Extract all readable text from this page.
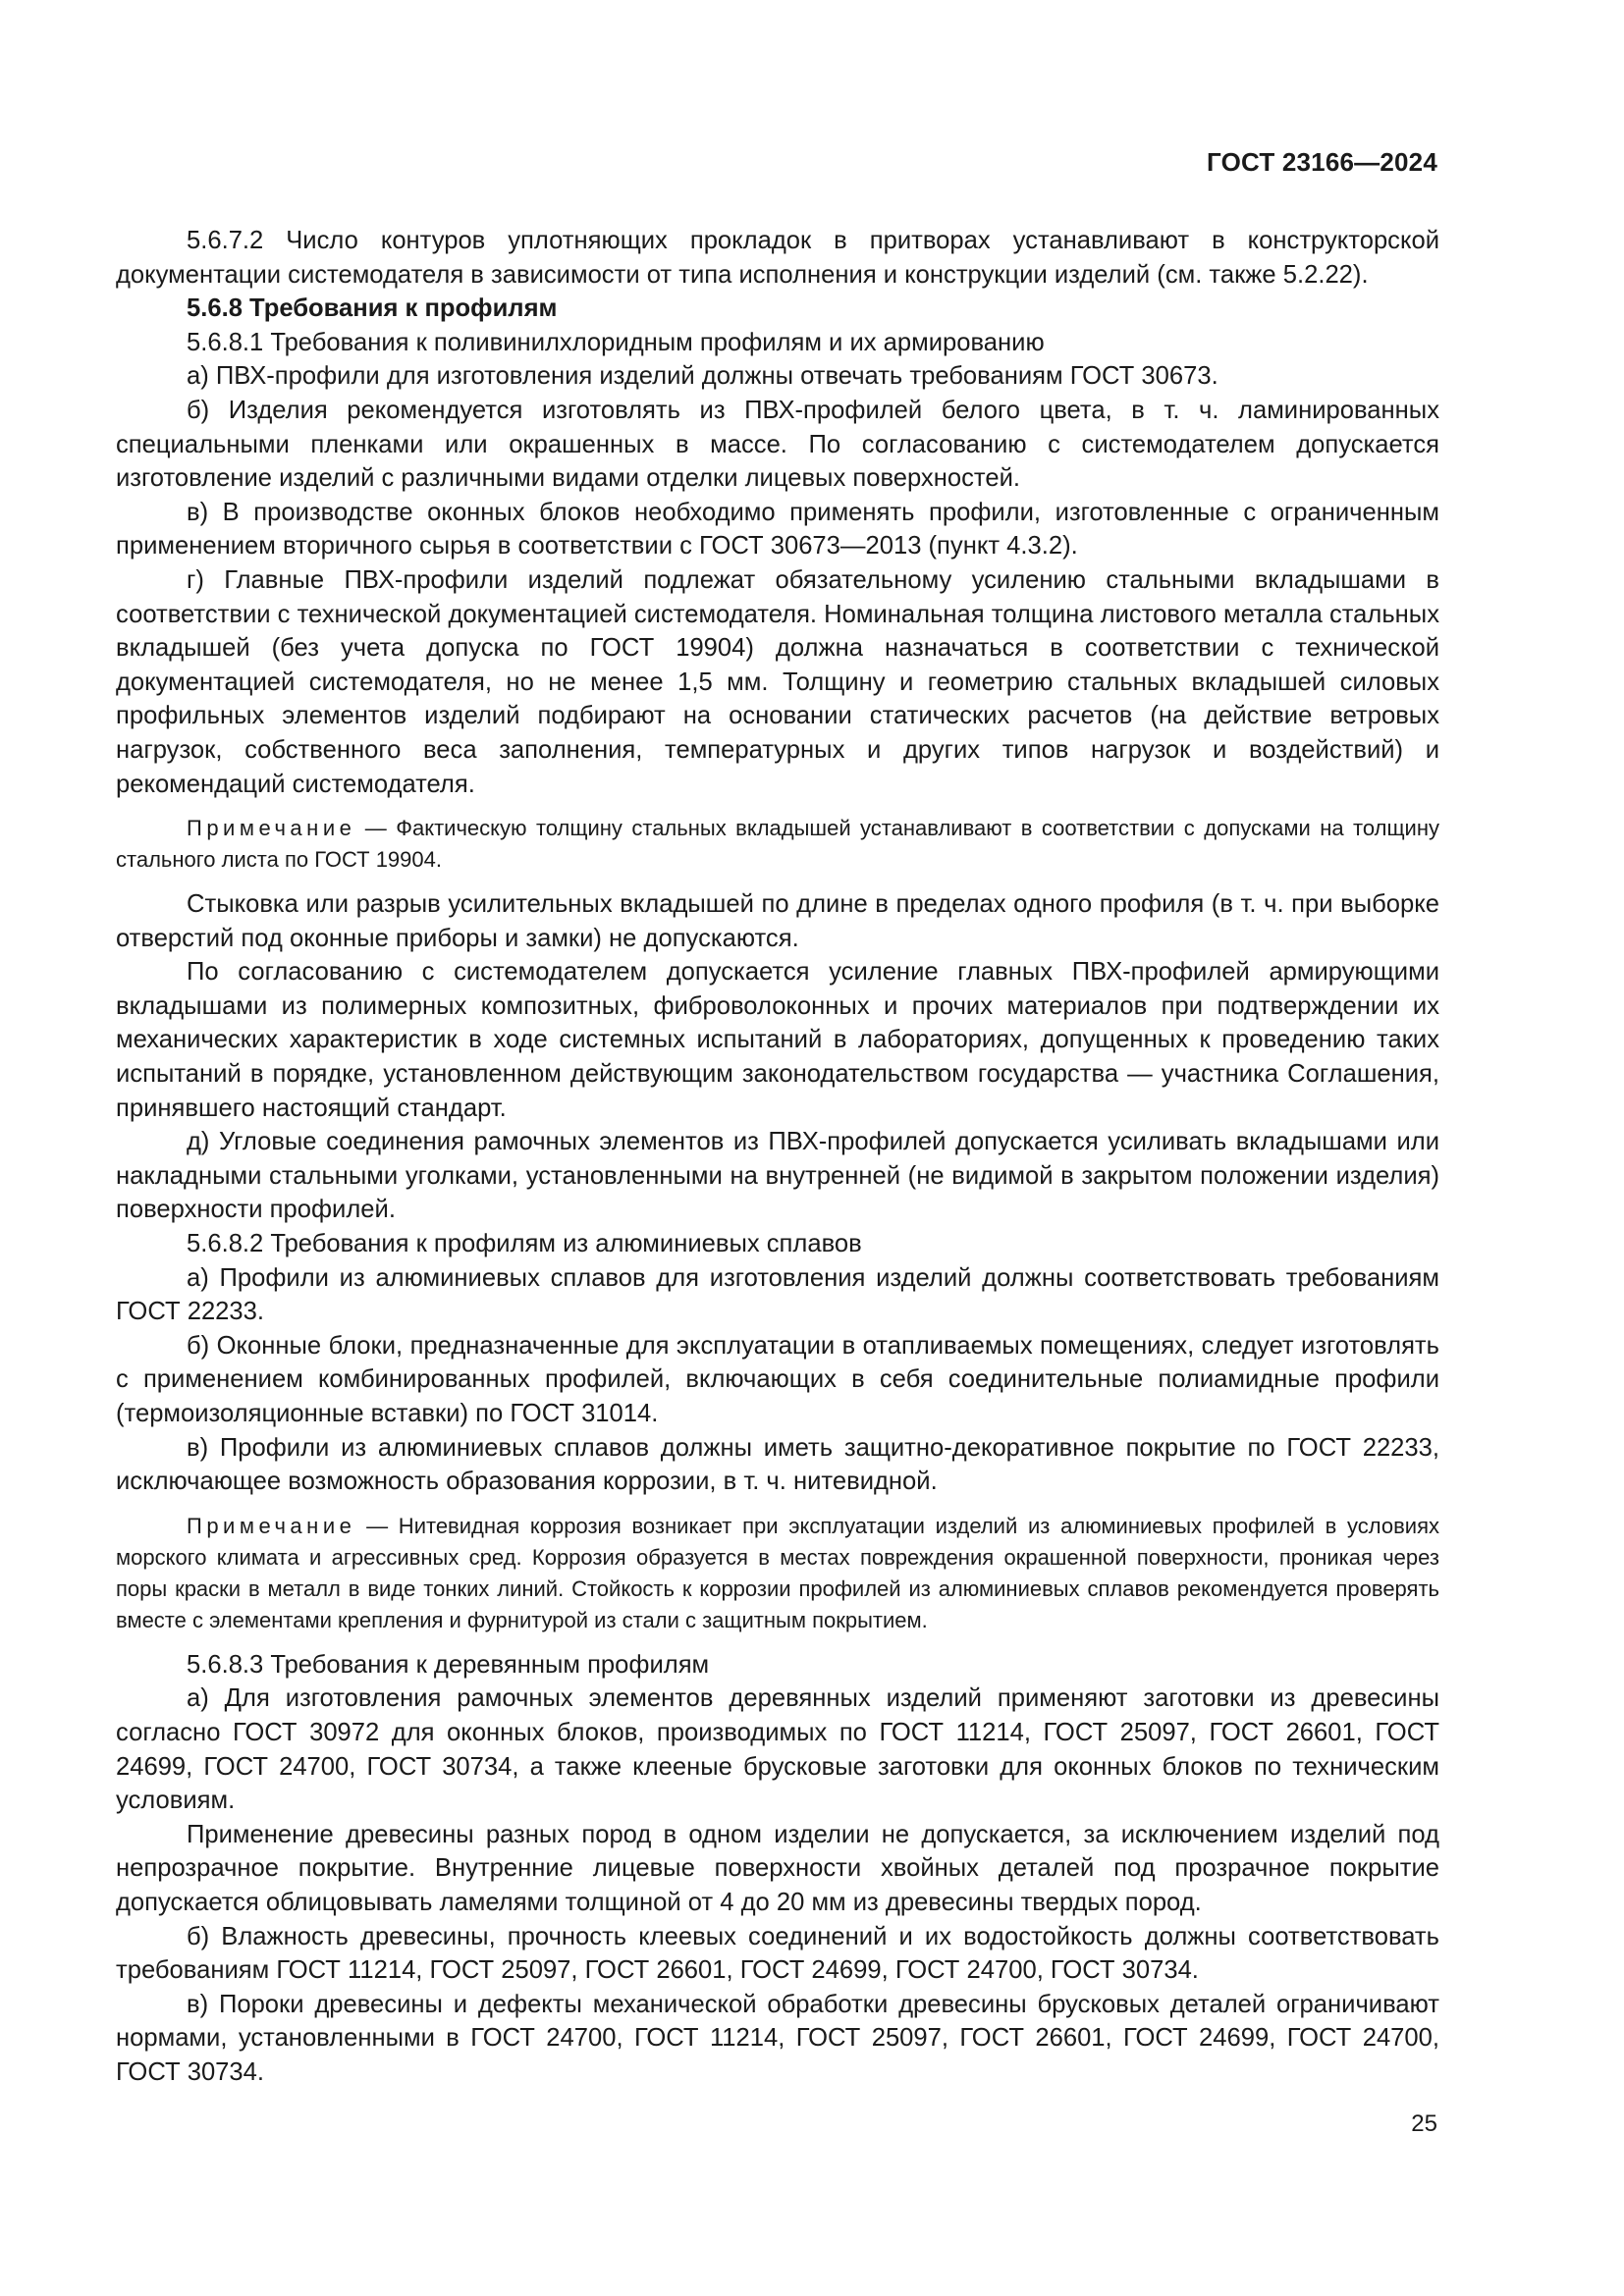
ГОСТ 23166—2024

5.6.7.2 Число контуров уплотняющих прокладок в притворах устанавливают в конструкторской документации системодателя в зависимости от типа исполнения и конструкции изделий (см. также 5.2.22).

5.6.8 Требования к профилям

5.6.8.1 Требования к поливинилхлоридным профилям и их армированию

а) ПВХ-профили для изготовления изделий должны отвечать требованиям ГОСТ 30673.

б) Изделия рекомендуется изготовлять из ПВХ-профилей белого цвета, в т. ч. ламинированных специальными пленками или окрашенных в массе. По согласованию с системодателем допускается изготовление изделий с различными видами отделки лицевых поверхностей.

в) В производстве оконных блоков необходимо применять профили, изготовленные с ограниченным применением вторичного сырья в соответствии с ГОСТ 30673—2013 (пункт 4.3.2).

г) Главные ПВХ-профили изделий подлежат обязательному усилению стальными вкладышами в соответствии с технической документацией системодателя. Номинальная толщина листового металла стальных вкладышей (без учета допуска по ГОСТ 19904) должна назначаться в соответствии с технической документацией системодателя, но не менее 1,5 мм. Толщину и геометрию стальных вкладышей силовых профильных элементов изделий подбирают на основании статических расчетов (на действие ветровых нагрузок, собственного веса заполнения, температурных и других типов нагрузок и воздействий) и рекомендаций системодателя.

Примечание — Фактическую толщину стальных вкладышей устанавливают в соответствии с допусками на толщину стального листа по ГОСТ 19904.

Стыковка или разрыв усилительных вкладышей по длине в пределах одного профиля (в т. ч. при выборке отверстий под оконные приборы и замки) не допускаются.

По согласованию с системодателем допускается усиление главных ПВХ-профилей армирующими вкладышами из полимерных композитных, фиброволоконных и прочих материалов при подтверждении их механических характеристик в ходе системных испытаний в лабораториях, допущенных к проведению таких испытаний в порядке, установленном действующим законодательством государства — участника Соглашения, принявшего настоящий стандарт.

д) Угловые соединения рамочных элементов из ПВХ-профилей допускается усиливать вкладышами или накладными стальными уголками, установленными на внутренней (не видимой в закрытом положении изделия) поверхности профилей.

5.6.8.2 Требования к профилям из алюминиевых сплавов

а) Профили из алюминиевых сплавов для изготовления изделий должны соответствовать требованиям ГОСТ 22233.

б) Оконные блоки, предназначенные для эксплуатации в отапливаемых помещениях, следует изготовлять с применением комбинированных профилей, включающих в себя соединительные полиамидные профили (термоизоляционные вставки) по ГОСТ 31014.

в) Профили из алюминиевых сплавов должны иметь защитно-декоративное покрытие по ГОСТ 22233, исключающее возможность образования коррозии, в т. ч. нитевидной.

Примечание — Нитевидная коррозия возникает при эксплуатации изделий из алюминиевых профилей в условиях морского климата и агрессивных сред. Коррозия образуется в местах повреждения окрашенной поверхности, проникая через поры краски в металл в виде тонких линий. Стойкость к коррозии профилей из алюминиевых сплавов рекомендуется проверять вместе с элементами крепления и фурнитурой из стали с защитным покрытием.

5.6.8.3 Требования к деревянным профилям

а) Для изготовления рамочных элементов деревянных изделий применяют заготовки из древесины согласно ГОСТ 30972 для оконных блоков, производимых по ГОСТ 11214, ГОСТ 25097, ГОСТ 26601, ГОСТ 24699, ГОСТ 24700, ГОСТ 30734, а также клееные брусковые заготовки для оконных блоков по техническим условиям.

Применение древесины разных пород в одном изделии не допускается, за исключением изделий под непрозрачное покрытие. Внутренние лицевые поверхности хвойных деталей под прозрачное покрытие допускается облицовывать ламелями толщиной от 4 до 20 мм из древесины твердых пород.

б) Влажность древесины, прочность клеевых соединений и их водостойкость должны соответствовать требованиям ГОСТ 11214, ГОСТ 25097, ГОСТ 26601, ГОСТ 24699, ГОСТ 24700, ГОСТ 30734.

в) Пороки древесины и дефекты механической обработки древесины брусковых деталей ограничивают нормами, установленными в ГОСТ 24700, ГОСТ 11214, ГОСТ 25097, ГОСТ 26601, ГОСТ 24699, ГОСТ 24700, ГОСТ 30734.

25
